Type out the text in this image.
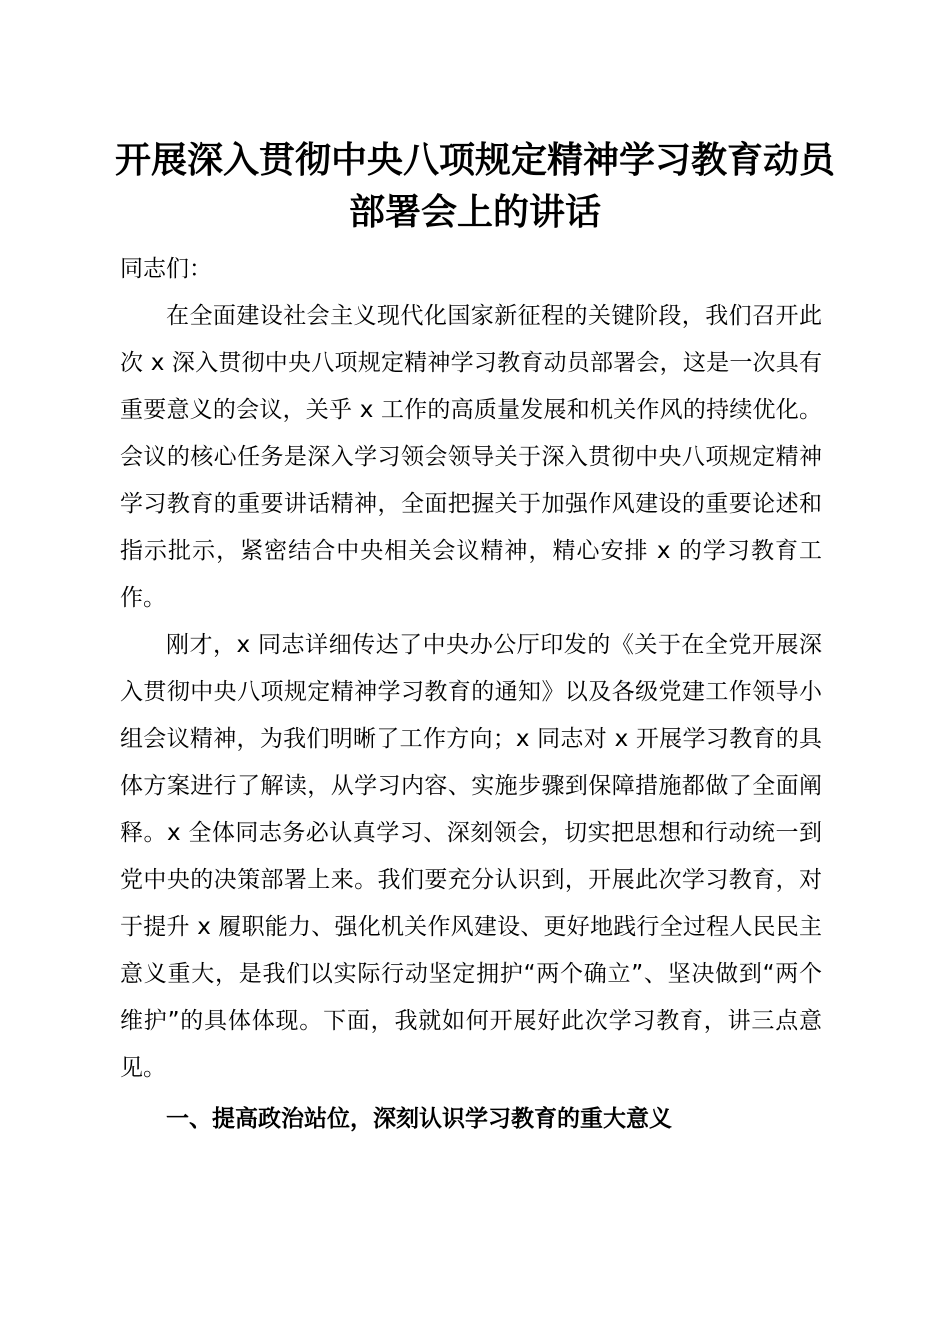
开展深入贯彻中央八项规定精神学习教育动员
部署会上的讲话

同志们：

在全面建设社会主义现代化国家新征程的关键阶段，我们召开此次 x 深入贯彻中央八项规定精神学习教育动员部署会，这是一次具有重要意义的会议，关乎 x 工作的高质量发展和机关作风的持续优化。会议的核心任务是深入学习领会领导关于深入贯彻中央八项规定精神学习教育的重要讲话精神，全面把握关于加强作风建设的重要论述和指示批示，紧密结合中央相关会议精神，精心安排 x 的学习教育工作。

刚才，x 同志详细传达了中央办公厅印发的《关于在全党开展深入贯彻中央八项规定精神学习教育的通知》以及各级党建工作领导小组会议精神，为我们明晰了工作方向；x 同志对 x 开展学习教育的具体方案进行了解读，从学习内容、实施步骤到保障措施都做了全面阐释。x 全体同志务必认真学习、深刻领会，切实把思想和行动统一到党中央的决策部署上来。我们要充分认识到，开展此次学习教育，对于提升 x 履职能力、强化机关作风建设、更好地践行全过程人民民主意义重大，是我们以实际行动坚定拥护“两个确立”、坚决做到“两个维护”的具体体现。下面，我就如何开展好此次学习教育，讲三点意见。

一、提高政治站位，深刻认识学习教育的重大意义
